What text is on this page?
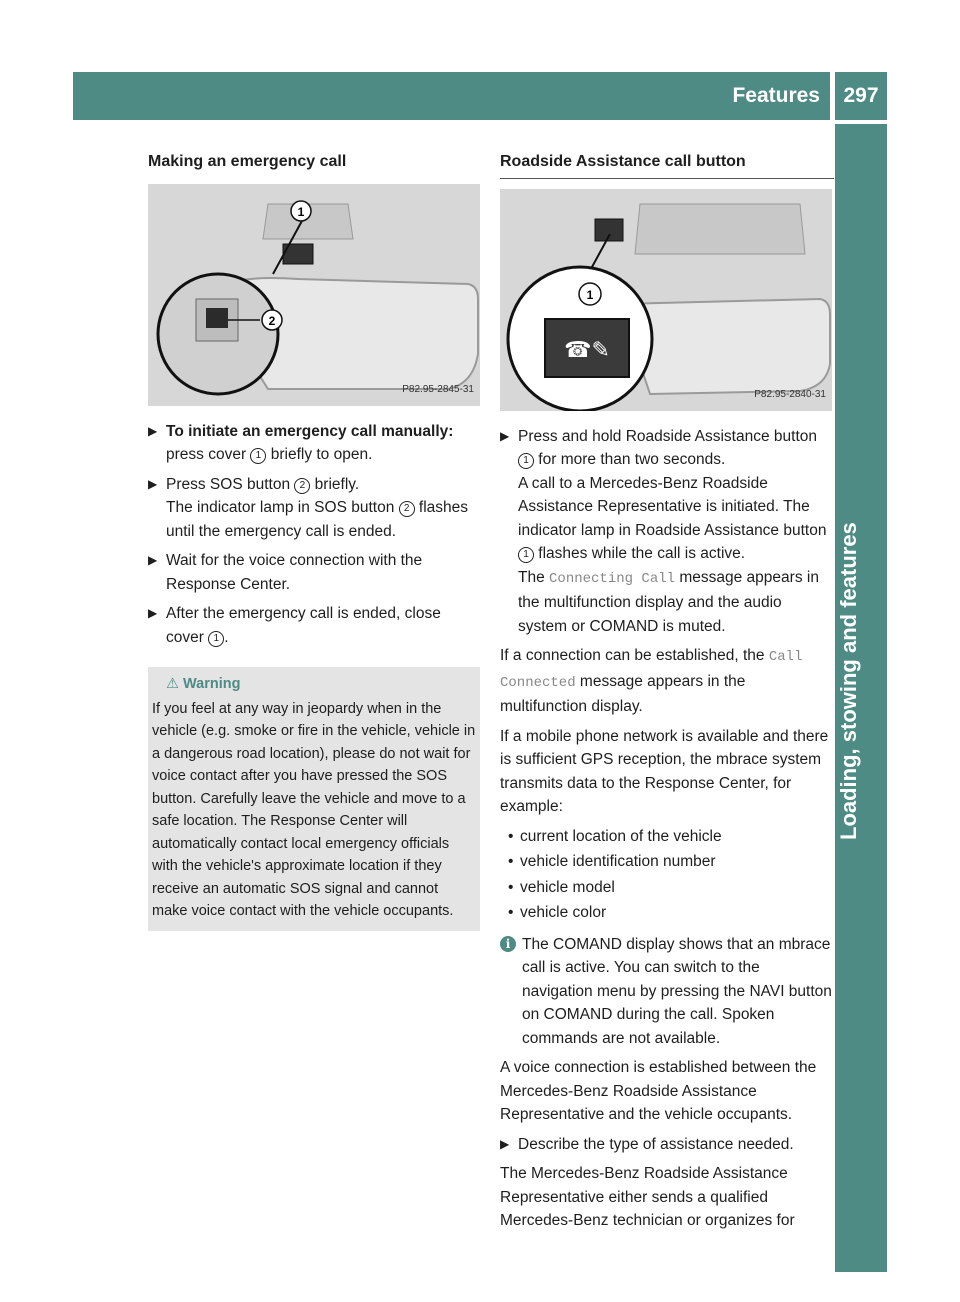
Features	297
Loading, stowing and features
Making an emergency call
1
2
P82.95-2845-31
▶ To initiate an emergency call manually: press cover 1 briefly to open.
▶ Press SOS button 2 briefly.
The indicator lamp in SOS button 2 flashes until the emergency call is ended.
▶ Wait for the voice connection with the Response Center.
▶ After the emergency call is ended, close cover 1 .
⚠ Warning
If you feel at any way in jeopardy when in the vehicle (e.g. smoke or fire in the vehicle, vehicle in a dangerous road location), please do not wait for voice contact after you have pressed the SOS button. Carefully leave the vehicle and move to a safe location. The Response Center will automatically contact local emergency officials with the vehicle's approximate location if they receive an automatic SOS signal and cannot make voice contact with the vehicle occupants.
Roadside Assistance call button
1
☎✎
P82.95-2840-31
▶ Press and hold Roadside Assistance button 1 for more than two seconds.
A call to a Mercedes-Benz Roadside Assistance Representative is initiated. The indicator lamp in Roadside Assistance button 1 flashes while the call is active.
The Connecting Call message appears in the multifunction display and the audio system or COMAND is muted.
If a connection can be established, the Call Connected message appears in the multifunction display.
If a mobile phone network is available and there is sufficient GPS reception, the mbrace system transmits data to the Response Center, for example:
• current location of the vehicle
• vehicle identification number
• vehicle model
• vehicle color
i The COMAND display shows that an mbrace call is active. You can switch to the navigation menu by pressing the NAVI button on COMAND during the call. Spoken commands are not available.
A voice connection is established between the Mercedes-Benz Roadside Assistance Representative and the vehicle occupants.
▶ Describe the type of assistance needed.
The Mercedes-Benz Roadside Assistance Representative either sends a qualified Mercedes-Benz technician or organizes for
